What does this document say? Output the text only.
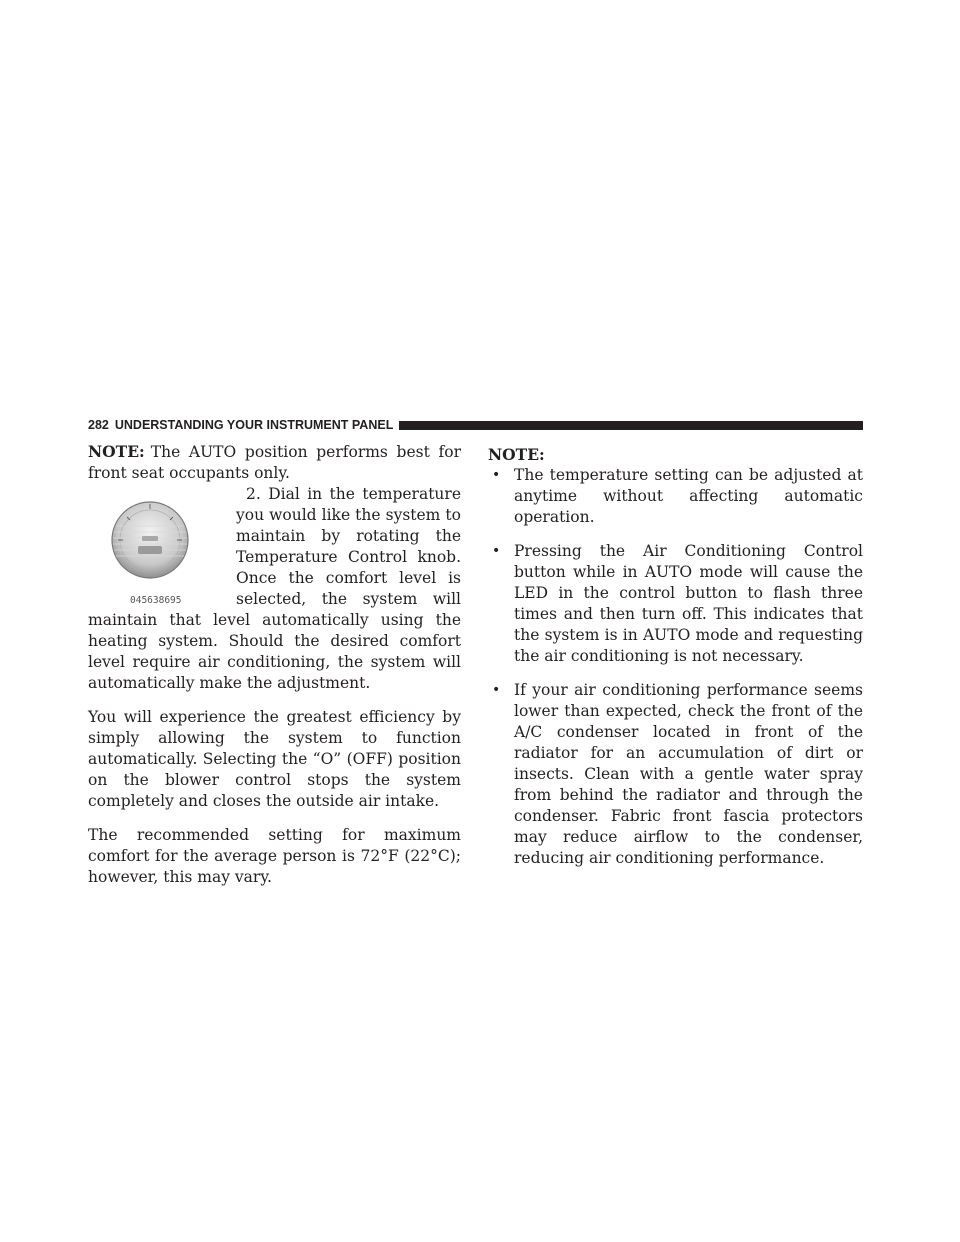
282 UNDERSTANDING YOUR INSTRUMENT PANEL

NOTE: The AUTO position performs best for front seat occupants only.

045638695

2. Dial in the temperature you would like the system to maintain by rotating the Temperature Control knob. Once the comfort level is selected, the system will maintain that level automatically using the heating system. Should the desired comfort level require air conditioning, the system will automatically make the adjustment.

You will experience the greatest efficiency by simply allowing the system to function automatically. Selecting the “O” (OFF) position on the blower control stops the system completely and closes the outside air intake.

The recommended setting for maximum comfort for the average person is 72°F (22°C); however, this may vary.

NOTE:

• The temperature setting can be adjusted at anytime without affecting automatic operation.
• Pressing the Air Conditioning Control button while in AUTO mode will cause the LED in the control button to flash three times and then turn off. This indicates that the system is in AUTO mode and requesting the air conditioning is not necessary.
• If your air conditioning performance seems lower than expected, check the front of the A/C condenser located in front of the radiator for an accumulation of dirt or insects. Clean with a gentle water spray from behind the radiator and through the condenser. Fabric front fascia protectors may reduce airflow to the condenser, reducing air conditioning performance.
